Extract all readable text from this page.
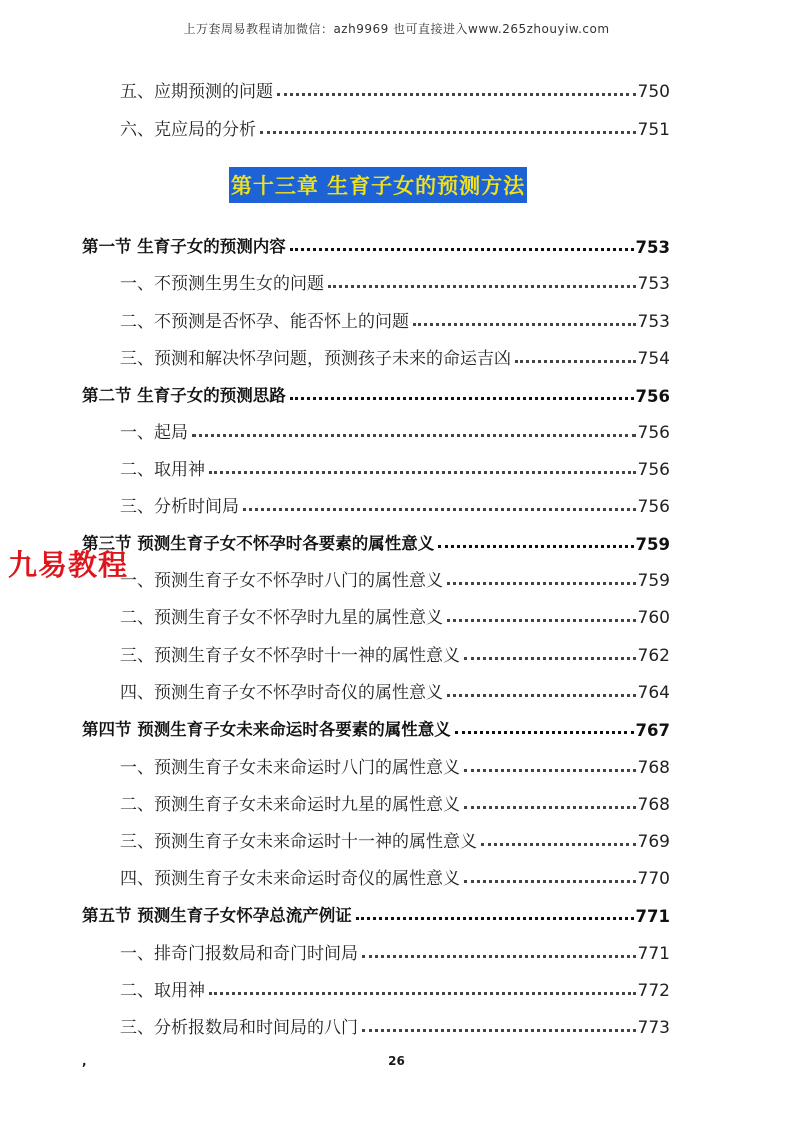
上万套周易教程请加微信：azh9969 也可直接进入www.265zhouyiw.com
五、应期预测的问题	750
六、克应局的分析	751
第十三章 生育子女的预测方法
第一节 生育子女的预测内容	753
一、不预测生男生女的问题	753
二、不预测是否怀孕、能否怀上的问题	753
三、预测和解决怀孕问题，预测孩子未来的命运吉凶	754
第二节 生育子女的预测思路	756
一、起局	756
二、取用神	756
三、分析时间局	756
第三节 预测生育子女不怀孕时各要素的属性意义	759
一、预测生育子女不怀孕时八门的属性意义	759
二、预测生育子女不怀孕时九星的属性意义	760
三、预测生育子女不怀孕时十一神的属性意义	762
四、预测生育子女不怀孕时奇仪的属性意义	764
第四节 预测生育子女未来命运时各要素的属性意义	767
一、预测生育子女未来命运时八门的属性意义	768
二、预测生育子女未来命运时九星的属性意义	768
三、预测生育子女未来命运时十一神的属性意义	769
四、预测生育子女未来命运时奇仪的属性意义	770
第五节 预测生育子女怀孕总流产例证	771
一、排奇门报数局和奇门时间局	771
二、取用神	772
三、分析报数局和时间局的八门	773
九易教程
,	26
